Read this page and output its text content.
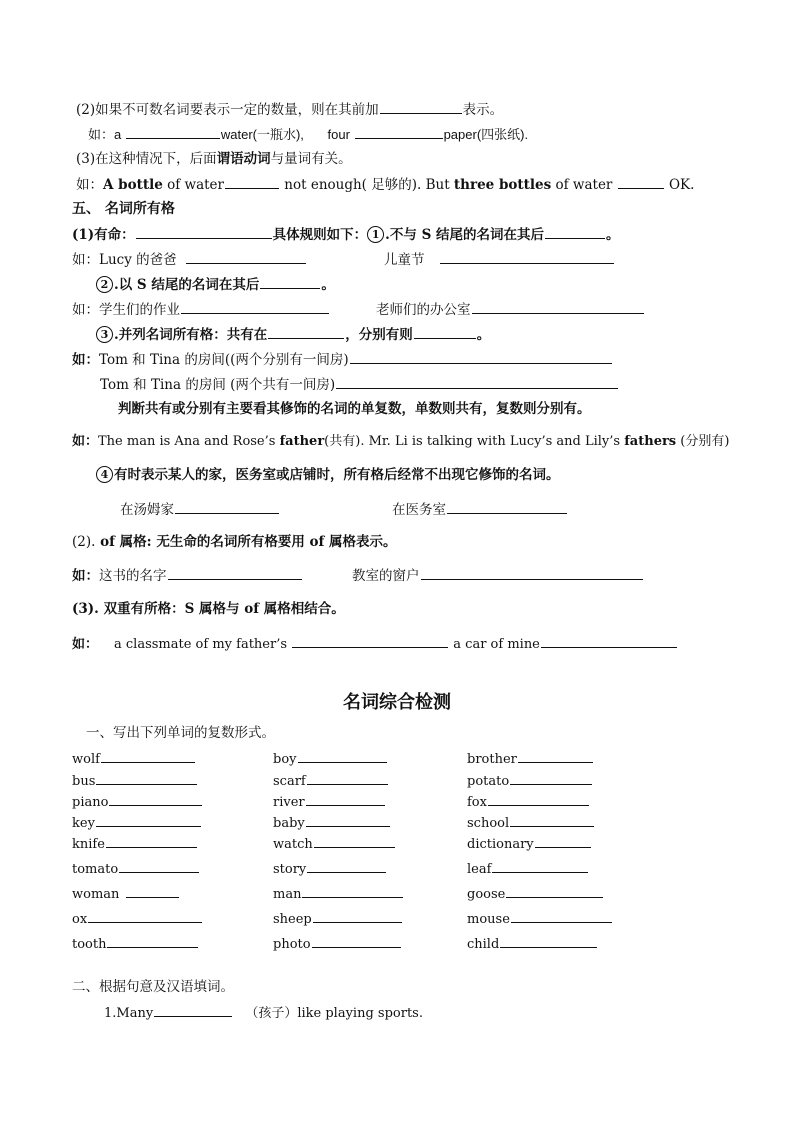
(2)如果不可数名词要表示一定的数量，则在其前加	表示。
如：a	water(一瓶水), four	paper(四张纸).
(3)在这种情况下，后面谓语动词与量词有关。
如：A bottle of water	not enough( 足够的). But three bottles of water	OK.
五、 名词所有格
(1)有命：	具体规则如下： 1 .不与 S 结尾的名词在其后	。
如：Lucy 的爸爸	儿童节
2 .以 S 结尾的名词在其后	。
如：学生们的作业	老师们的办公室
3 .并列名词所有格：共有在	，分别有则	。
如：Tom 和 Tina 的房间((两个分别有一间房)
Tom 和 Tina 的房间 (两个共有一间房)
判断共有或分别有主要看其修饰的名词的单复数，单数则共有，复数则分别有。
如：The man is Ana and Rose’s father(共有). Mr. Li is talking with Lucy’s and Lily’s fathers (分别有)
4 有时表示某人的家，医务室或店铺时，所有格后经常不出现它修饰的名词。
在汤姆家	在医务室
(2). of 属格: 无生命的名词所有格要用 of 属格表示。
如：这书的名字	教室的窗户
(3). 双重有所格：S 属格与 of 属格相结合。
如： a classmate of my father’s	a car of mine
名词综合检测
一、写出下列单词的复数形式。
wolf	boy	brother
bus	scarf	potato
piano	river	fox
key	baby	school
knife	watch	dictionary
tomato	story	leaf
woman	man	goose
ox	sheep	mouse
tooth	photo	child
二、根据句意及汉语填词。
1.Many	（孩子）like playing sports.
